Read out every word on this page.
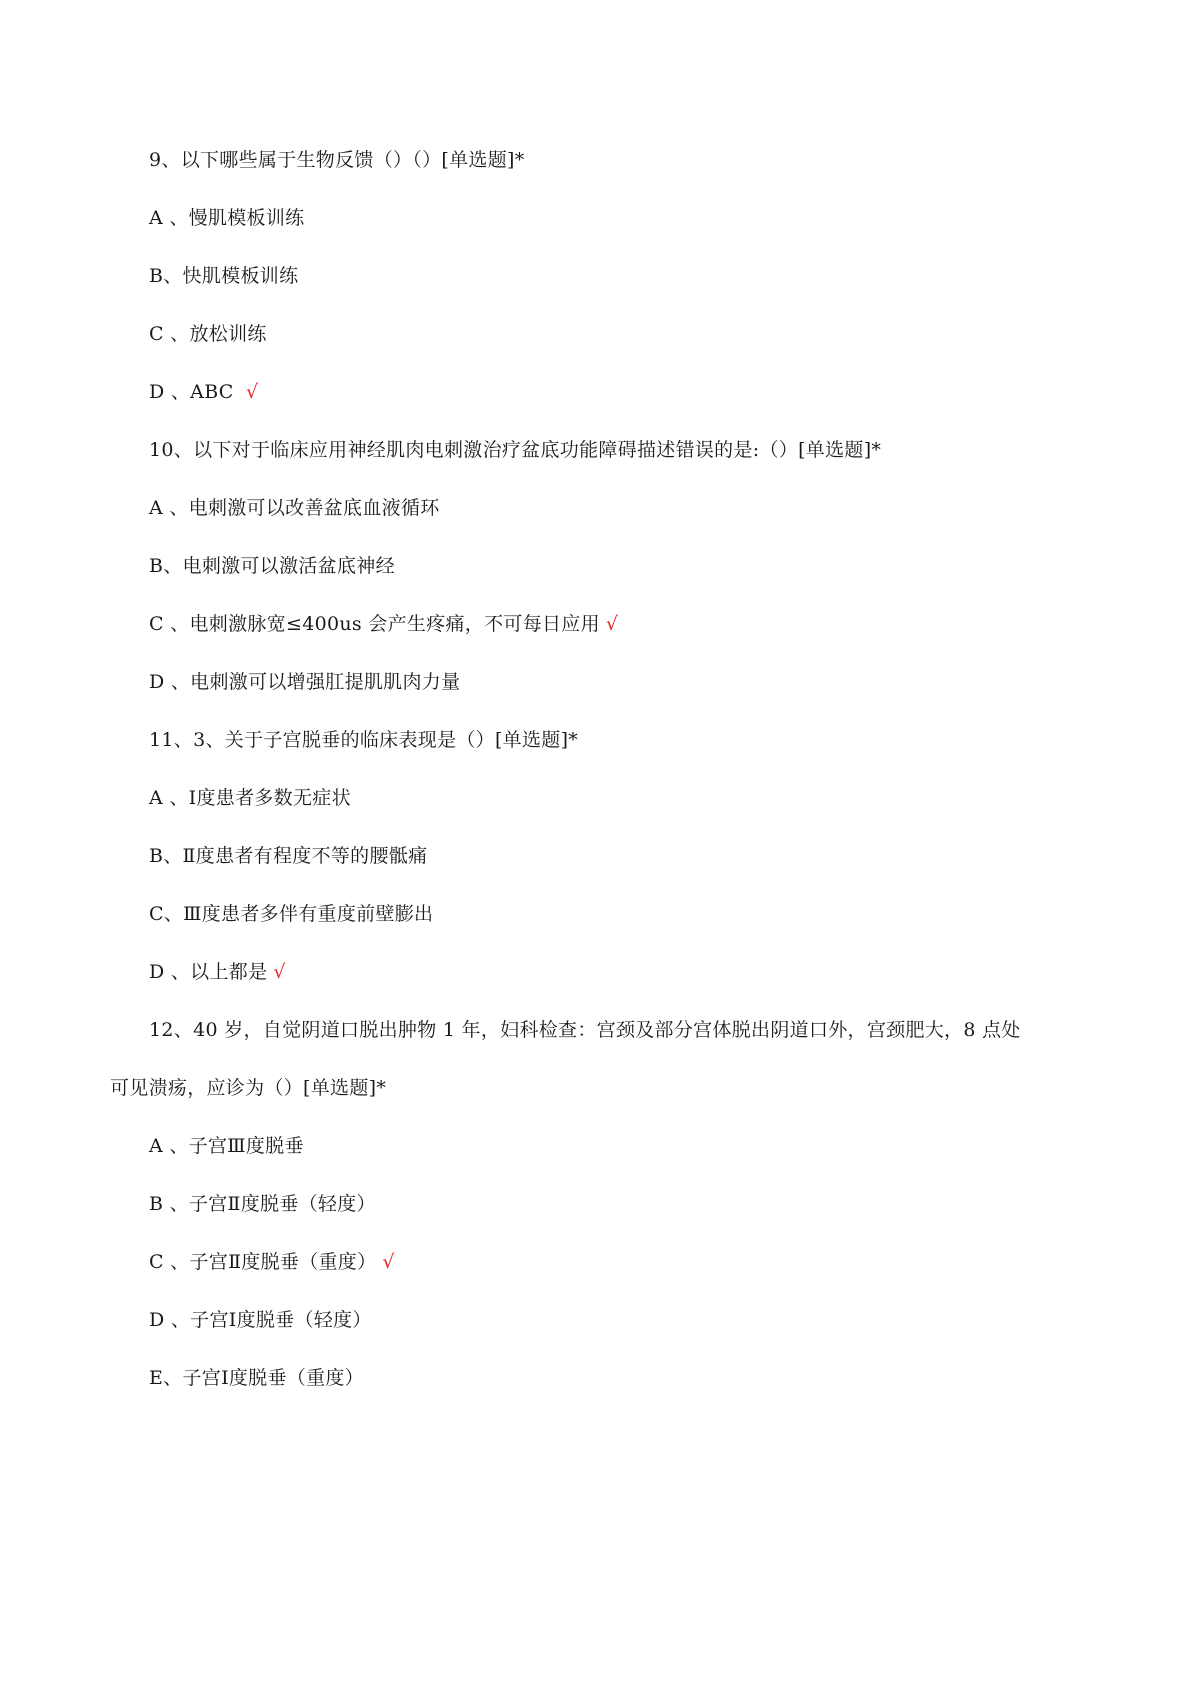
9、以下哪些属于生物反馈（）（）[单选题]*
A 、慢肌模板训练
B、快肌模板训练
C 、放松训练
D 、ABC √
10、以下对于临床应用神经肌肉电刺激治疗盆底功能障碍描述错误的是:（）[单选题]*
A 、电刺激可以改善盆底血液循环
B、电刺激可以激活盆底神经
C 、电刺激脉宽≤400us 会产生疼痛，不可每日应用 √
D 、电刺激可以增强肛提肌肌肉力量
11、3、关于子宫脱垂的临床表现是（）[单选题]*
A 、Ⅰ度患者多数无症状
B、Ⅱ度患者有程度不等的腰骶痛
C、Ⅲ度患者多伴有重度前壁膨出
D 、以上都是 √
12、40 岁，自觉阴道口脱出肿物 1 年，妇科检查：宫颈及部分宫体脱出阴道口外，宫颈肥大，8 点处
可见溃疡，应诊为（）[单选题]*
A 、子宫Ⅲ度脱垂
B 、子宫Ⅱ度脱垂（轻度）
C 、子宫Ⅱ度脱垂（重度） √
D 、子宫Ⅰ度脱垂（轻度）
E、子宫Ⅰ度脱垂（重度）
